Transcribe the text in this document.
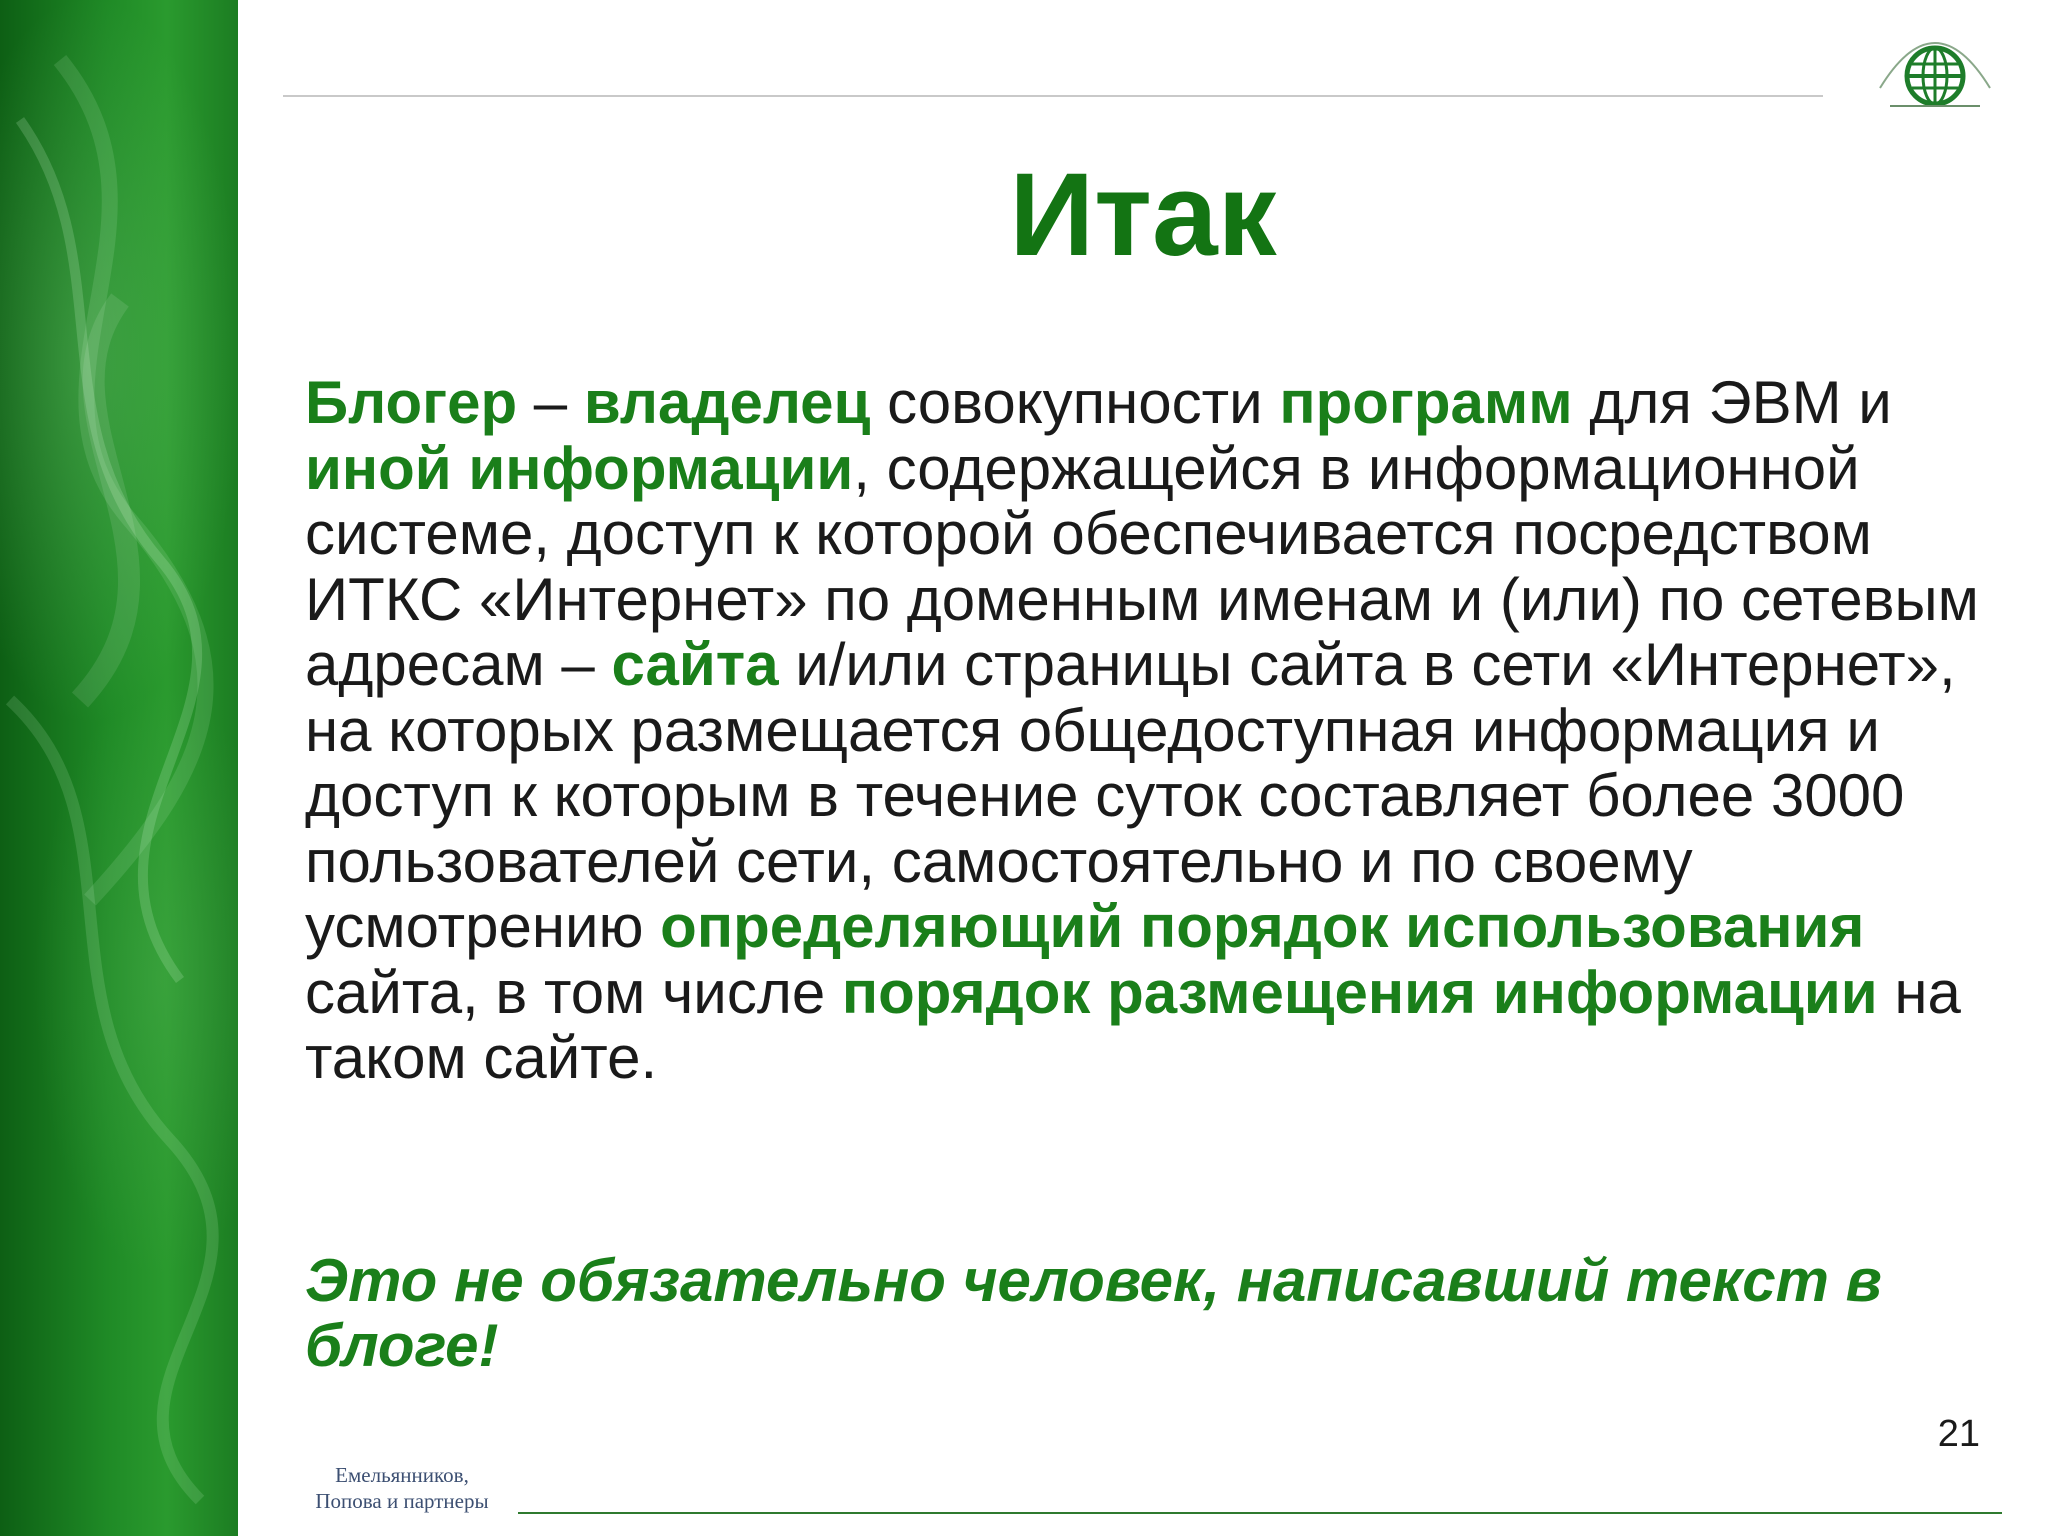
Итак
Блогер – владелец совокупности программ для ЭВМ и иной информации, содержащейся в информационной системе, доступ к которой обеспечивается посредством ИТКС «Интернет» по доменным именам и (или) по сетевым адресам – сайта и/или страницы сайта в сети «Интернет», на которых размещается общедоступная информация и доступ к которым в течение суток составляет более 3000 пользователей сети, самостоятельно и по своему усмотрению определяющий порядок использования сайта, в том числе порядок размещения информации на таком сайте.
Это не обязательно человек, написавший текст в блоге!
21
Емельянников,
Попова и партнеры
